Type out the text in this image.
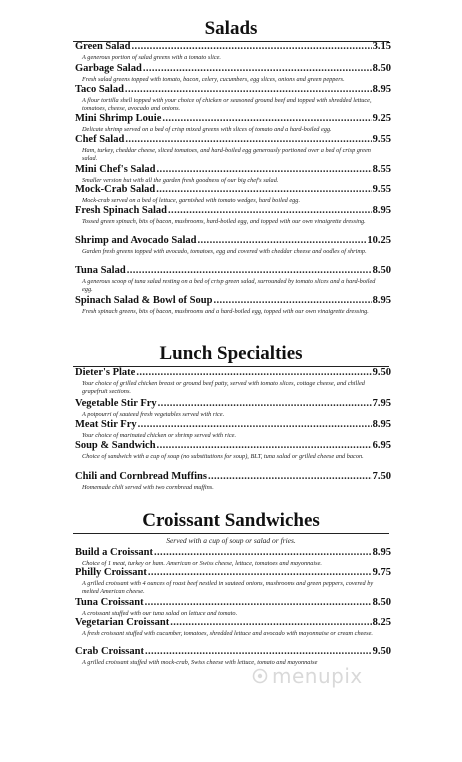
Salads
Green Salad .....	3.15
A generous portion of salad greens with a tomato slice.
Garbage Salad .....	8.50
Fresh salad greens topped with tomato, bacon, celery, cucumbers, egg slices, onions and green peppers.
Taco Salad .....	8.95
A flour tortilla shell topped with your choice of chicken or seasoned ground beef and topped with shredded lettuce, tomatoes, cheese, avocado and onions.
Mini Shrimp Louie .....	9.25
Delicate shrimp served on a bed of crisp mixed greens with slices of tomato and a hard-boiled egg.
Chef Salad .....	9.55
Ham, turkey, cheddar cheese, sliced tomatoes, and hard-boiled egg generously portioned over a bed of crisp green salad.
Mini Chef's Salad .....	8.55
Smaller version but with all the garden fresh goodness of our big chef's salad.
Mock-Crab Salad .....	9.55
Mock-crab served on a bed of lettuce, garnished with tomato wedges, hard boiled egg.
Fresh Spinach Salad .....	8.95
Tossed green spinach, bits of bacon, mushrooms, hard-boiled egg, and topped with our own vinaigrette dressing.
Shrimp and Avocado Salad .....	10.25
Garden fresh greens topped with avocado, tomatoes, egg and covered with cheddar cheese and oodles of shrimp.
Tuna Salad .....	8.50
A generous scoop of tuna salad resting on a bed of crisp green salad, surrounded by tomato slices and a hard-boiled egg.
Spinach Salad & Bowl of Soup .....	8.95
Fresh spinach greens, bits of bacon, mushrooms and a hard-boiled egg, topped with our own vinaigrette dressing.
Lunch Specialties
Dieter's Plate .....	9.50
Your choice of grilled chicken breast or ground beef patty, served with tomato slices, cottage cheese, and chilled grapefruit sections.
Vegetable Stir Fry .....	7.95
A potpourri of sauteed fresh vegetables served with rice.
Meat Stir Fry .....	8.95
Your choice of marinated chicken or shrimp served with rice.
Soup & Sandwich .....	6.95
Choice of sandwich with a cup of soup (no substitutions for soup), BLT, tuna salad or grilled cheese and bacon.
Chili and Cornbread Muffins .....	7.50
Homemade chili served with two cornbread muffins.
Croissant Sandwiches
Served with a cup of soup or salad or fries.
Build a Croissant .....	8.95
Choice of 1 meat, turkey or ham. American or Swiss cheese, lettuce, tomatoes and mayonnaise.
Philly Croissant .....	9.75
A grilled croissant with 4 ounces of roast beef nestled in sauteed onions, mushrooms and green peppers, covered by melted American cheese.
Tuna Croissant .....	8.50
A croissant stuffed with our tuna salad on lettuce and tomato.
Vegetarian Croissant .....	8.25
A fresh croissant stuffed with cucumber, tomatoes, shredded lettuce and avocado with mayonnaise or cream cheese.
Crab Croissant .....	9.50
A grilled croissant stuffed with mock-crab, Swiss cheese with lettuce, tomato and mayonnaise
menupix
